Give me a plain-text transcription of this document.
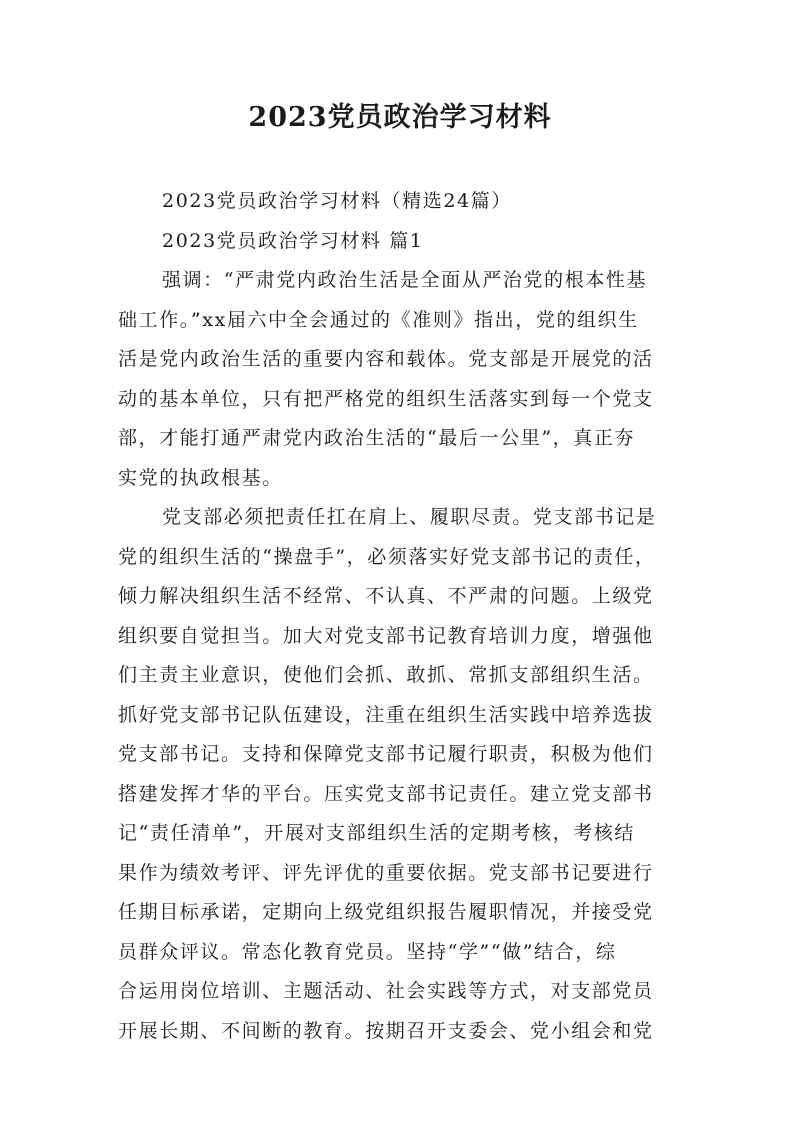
2023党员政治学习材料

2023党员政治学习材料（精选24篇）

2023党员政治学习材料 篇1

强调：“严肃党内政治生活是全面从严治党的根本性基

础工作。”xx届六中全会通过的《准则》指出，党的组织生

活是党内政治生活的重要内容和载体。党支部是开展党的活

动的基本单位，只有把严格党的组织生活落实到每一个党支

部，才能打通严肃党内政治生活的“最后一公里”，真正夯

实党的执政根基。

党支部必须把责任扛在肩上、履职尽责。党支部书记是

党的组织生活的“操盘手”，必须落实好党支部书记的责任，

倾力解决组织生活不经常、不认真、不严肃的问题。上级党

组织要自觉担当。加大对党支部书记教育培训力度，增强他

们主责主业意识，使他们会抓、敢抓、常抓支部组织生活。

抓好党支部书记队伍建设，注重在组织生活实践中培养选拔

党支部书记。支持和保障党支部书记履行职责，积极为他们

搭建发挥才华的平台。压实党支部书记责任。建立党支部书

记“责任清单”，开展对支部组织生活的定期考核，考核结

果作为绩效考评、评先评优的重要依据。党支部书记要进行

任期目标承诺，定期向上级党组织报告履职情况，并接受党

员群众评议。常态化教育党员。坚持“学”“做”结合，综

合运用岗位培训、主题活动、社会实践等方式，对支部党员

开展长期、不间断的教育。按期召开支委会、党小组会和党
